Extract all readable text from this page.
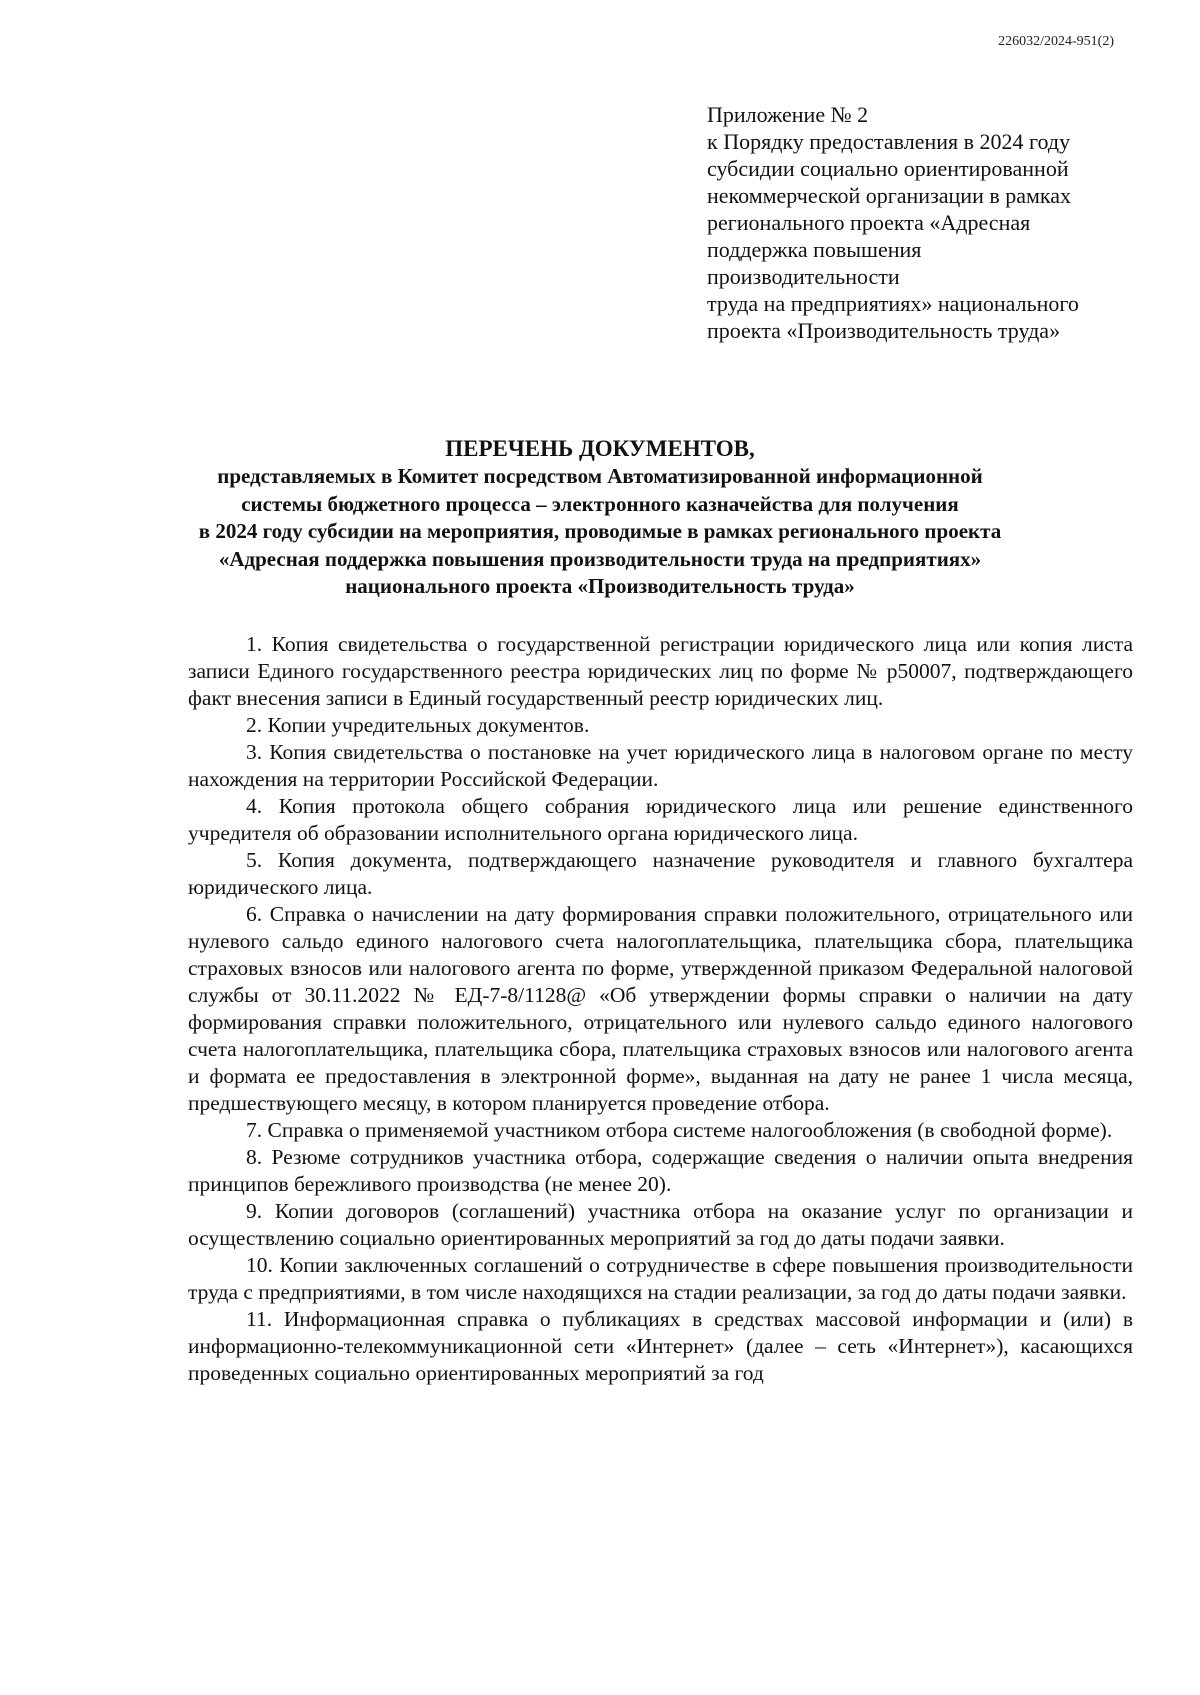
226032/2024-951(2)
Приложение № 2
к Порядку предоставления в 2024 году
субсидии социально ориентированной
некоммерческой организации в рамках
регионального проекта «Адресная
поддержка повышения
производительности
труда на предприятиях» национального
проекта «Производительность труда»
ПЕРЕЧЕНЬ ДОКУМЕНТОВ,
представляемых в Комитет посредством Автоматизированной информационной
системы бюджетного процесса – электронного казначейства для получения
в 2024 году субсидии на мероприятия, проводимые в рамках регионального проекта
«Адресная поддержка повышения производительности труда на предприятиях»
национального проекта «Производительность труда»

1. Копия свидетельства о государственной регистрации юридического лица или копия листа записи Единого государственного реестра юридических лиц по форме № р50007, подтверждающего факт внесения записи в Единый государственный реестр юридических лиц.

2. Копии учредительных документов.

3. Копия свидетельства о постановке на учет юридического лица в налоговом органе по месту нахождения на территории Российской Федерации.

4. Копия протокола общего собрания юридического лица или решение единственного учредителя об образовании исполнительного органа юридического лица.

5. Копия документа, подтверждающего назначение руководителя и главного бухгалтера юридического лица.

6. Справка о начислении на дату формирования справки положительного, отрицательного или нулевого сальдо единого налогового счета налогоплательщика, плательщика сбора, плательщика страховых взносов или налогового агента по форме, утвержденной приказом Федеральной налоговой службы от 30.11.2022 № ЕД-7-8/1128@ «Об утверждении формы справки о наличии на дату формирования справки положительного, отрицательного или нулевого сальдо единого налогового счета налогоплательщика, плательщика сбора, плательщика страховых взносов или налогового агента и формата ее предоставления в электронной форме», выданная на дату не ранее 1 числа месяца, предшествующего месяцу, в котором планируется проведение отбора.

7. Справка о применяемой участником отбора системе налогообложения (в свободной форме).

8. Резюме сотрудников участника отбора, содержащие сведения о наличии опыта внедрения принципов бережливого производства (не менее 20).

9. Копии договоров (соглашений) участника отбора на оказание услуг по организации и осуществлению социально ориентированных мероприятий за год до даты подачи заявки.

10. Копии заключенных соглашений о сотрудничестве в сфере повышения производительности труда с предприятиями, в том числе находящихся на стадии реализации, за год до даты подачи заявки.

11. Информационная справка о публикациях в средствах массовой информации и (или) в информационно-телекоммуникационной сети «Интернет» (далее – сеть «Интернет»), касающихся проведенных социально ориентированных мероприятий за год
